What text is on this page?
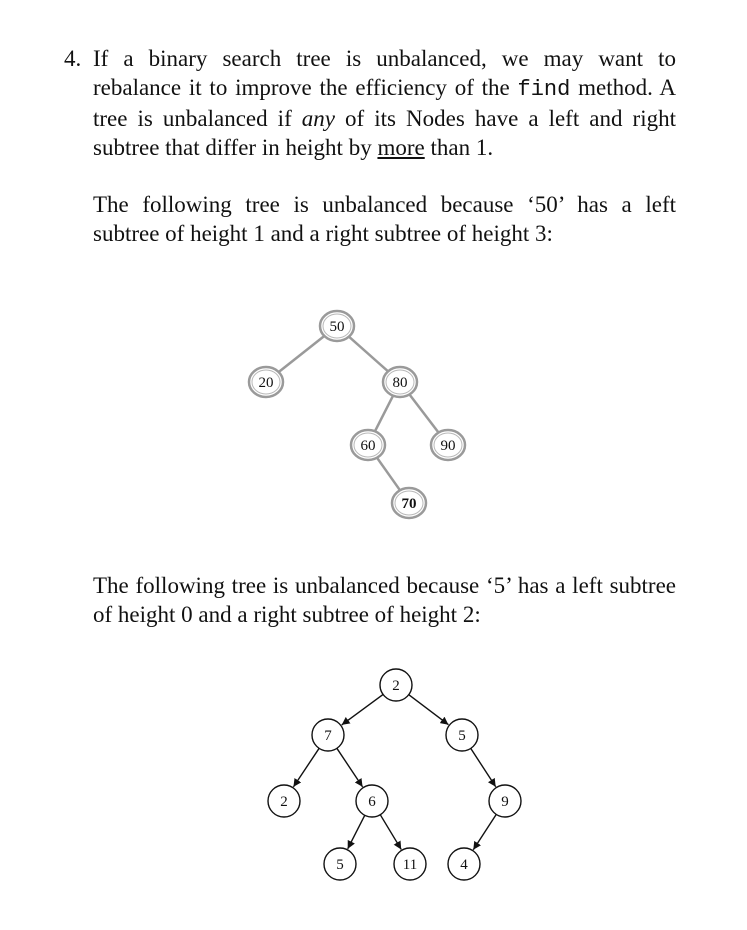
4. If a binary search tree is unbalanced, we may want to rebalance it to improve the efficiency of the find method. A tree is unbalanced if any of its Nodes have a left and right subtree that differ in height by more than 1.
The following tree is unbalanced because ‘50’ has a left subtree of height 1 and a right subtree of height 3:
50
20	80
60	90
70
The following tree is unbalanced because ‘5’ has a left subtree of height 0 and a right subtree of height 2:
2
7	5
2	6	9
5	11	4
